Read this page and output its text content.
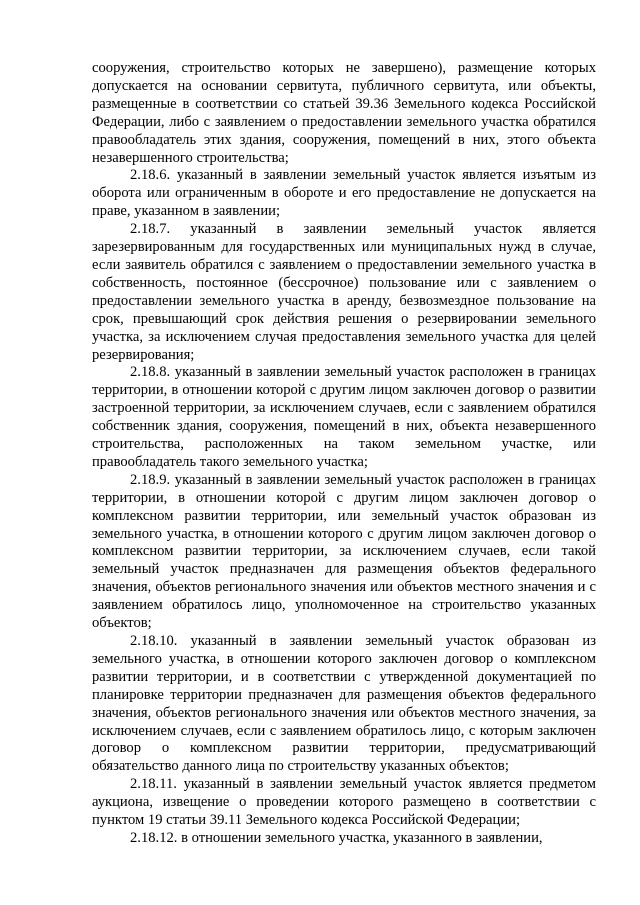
сооружения, строительство которых не завершено), размещение которых допускается на основании сервитута, публичного сервитута, или объекты, размещенные в соответствии со статьей 39.36 Земельного кодекса Российской Федерации, либо с заявлением о предоставлении земельного участка обратился правообладатель этих здания, сооружения, помещений в них, этого объекта незавершенного строительства;

2.18.6. указанный в заявлении земельный участок является изъятым из оборота или ограниченным в обороте и его предоставление не допускается на праве, указанном в заявлении;

2.18.7. указанный в заявлении земельный участок является зарезервированным для государственных или муниципальных нужд в случае, если заявитель обратился с заявлением о предоставлении земельного участка в собственность, постоянное (бессрочное) пользование или с заявлением о предоставлении земельного участка в аренду, безвозмездное пользование на срок, превышающий срок действия решения о резервировании земельного участка, за исключением случая предоставления земельного участка для целей резервирования;

2.18.8. указанный в заявлении земельный участок расположен в границах территории, в отношении которой с другим лицом заключен договор о развитии застроенной территории, за исключением случаев, если с заявлением обратился собственник здания, сооружения, помещений в них, объекта незавершенного строительства, расположенных на таком земельном участке, или правообладатель такого земельного участка;

2.18.9. указанный в заявлении земельный участок расположен в границах территории, в отношении которой с другим лицом заключен договор о комплексном развитии территории, или земельный участок образован из земельного участка, в отношении которого с другим лицом заключен договор о комплексном развитии территории, за исключением случаев, если такой земельный участок предназначен для размещения объектов федерального значения, объектов регионального значения или объектов местного значения и с заявлением обратилось лицо, уполномоченное на строительство указанных объектов;

2.18.10. указанный в заявлении земельный участок образован из земельного участка, в отношении которого заключен договор о комплексном развитии территории, и в соответствии с утвержденной документацией по планировке территории предназначен для размещения объектов федерального значения, объектов регионального значения или объектов местного значения, за исключением случаев, если с заявлением обратилось лицо, с которым заключен договор о комплексном развитии территории, предусматривающий обязательство данного лица по строительству указанных объектов;

2.18.11. указанный в заявлении земельный участок является предметом аукциона, извещение о проведении которого размещено в соответствии с пунктом 19 статьи 39.11 Земельного кодекса Российской Федерации;

2.18.12. в отношении земельного участка, указанного в заявлении,
